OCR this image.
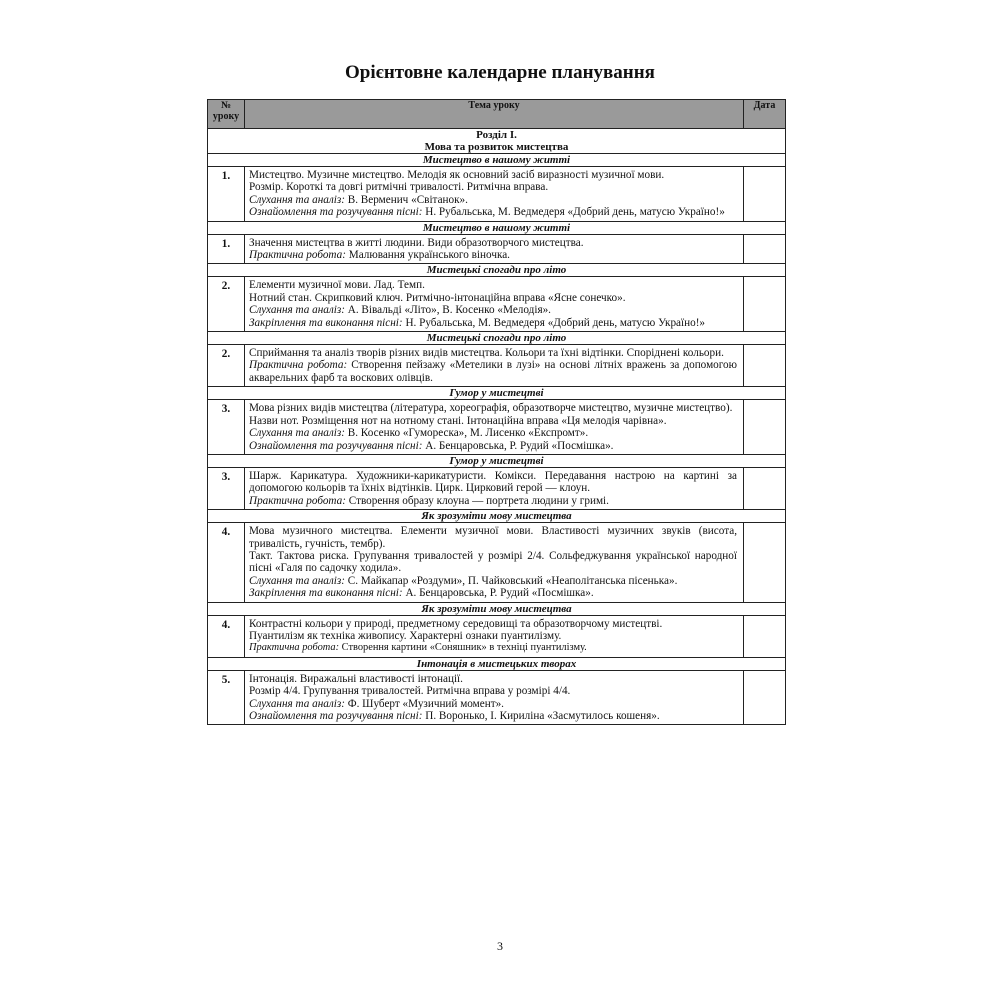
Орієнтовне календарне планування
№ уроку	Тема уроку	Дата

Розділ І.
Мова та розвиток мистецтва		

Мистецтво в нашому житті		
1.	Мистецтво. Музичне мистецтво. Мелодія як основний засіб виразності музичної мови.
Розмір. Короткі та довгі ритмічні тривалості. Ритмічна вправа.
Слухання та аналіз: В. Верменич «Світанок».
Ознайомлення та розучування пісні: Н. Рубальська, М. Ведмедеря «Добрий день, матусю Україно!»	

Мистецтво в нашому житті		
1.	Значення мистецтва в житті людини. Види образотворчого мистецтва.
Практична робота: Малювання українського віночка.	

Мистецькі спогади про літо		
2.	Елементи музичної мови. Лад. Темп.
Нотний стан. Скрипковий ключ. Ритмічно-інтонаційна вправа «Ясне сонечко».
Слухання та аналіз: А. Вівальді «Літо», В. Косенко «Мелодія».
Закріплення та виконання пісні: Н. Рубальська, М. Ведмедеря «Добрий день, матусю Україно!»	

Мистецькі спогади про літо		
2.	Сприймання та аналіз творів різних видів мистецтва. Кольори та їхні відтінки. Споріднені кольори.
Практична робота: Створення пейзажу «Метелики в лузі» на основі літніх вражень за допомогою акварельних фарб та воскових олівців.	

Гумор у мистецтві		
3.	Мова різних видів мистецтва (література, хореографія, образотворче мистецтво, музичне мистецтво).
Назви нот. Розміщення нот на нотному стані. Інтонаційна вправа «Ця мелодія чарівна».
Слухання та аналіз: В. Косенко «Гумореска», М. Лисенко «Експромт».
Ознайомлення та розучування пісні: А. Бенцаровська, Р. Рудий «Посмішка».	

Гумор у мистецтві		
3.	Шарж. Карикатура. Художники-карикатуристи. Комікси. Передавання настрою на картині за допомогою кольорів та їхніх відтінків. Цирк. Цирковий герой — клоун.
Практична робота: Створення образу клоуна — портрета людини у гримі.	

Як зрозуміти мову мистецтва		
4.	Мова музичного мистецтва. Елементи музичної мови. Властивості музичних звуків (висота, тривалість, гучність, тембр).
Такт. Тактова риска. Групування тривалостей у розмірі 2/4. Сольфеджування української народної пісні «Галя по садочку ходила».
Слухання та аналіз: С. Майкапар «Роздуми», П. Чайковський «Неаполітанська пісенька».
Закріплення та виконання пісні: А. Бенцаровська, Р. Рудий «Посмішка».	

Як зрозуміти мову мистецтва		
4.	Контрастні кольори у природі, предметному середовищі та образотворчому мистецтві.
Пуантилізм як техніка живопису. Характерні ознаки пуантилізму.
Практична робота: Створення картини «Соняшник» в техніці пуантилізму.	

Інтонація в мистецьких творах		
5.	Інтонація. Виражальні властивості інтонації.
Розмір 4/4. Групування тривалостей. Ритмічна вправа у розмірі 4/4.
Слухання та аналіз: Ф. Шуберт «Музичний момент».
Ознайомлення та розучування пісні: П. Воронько, І. Кириліна «Засмутилось кошеня».	

3
